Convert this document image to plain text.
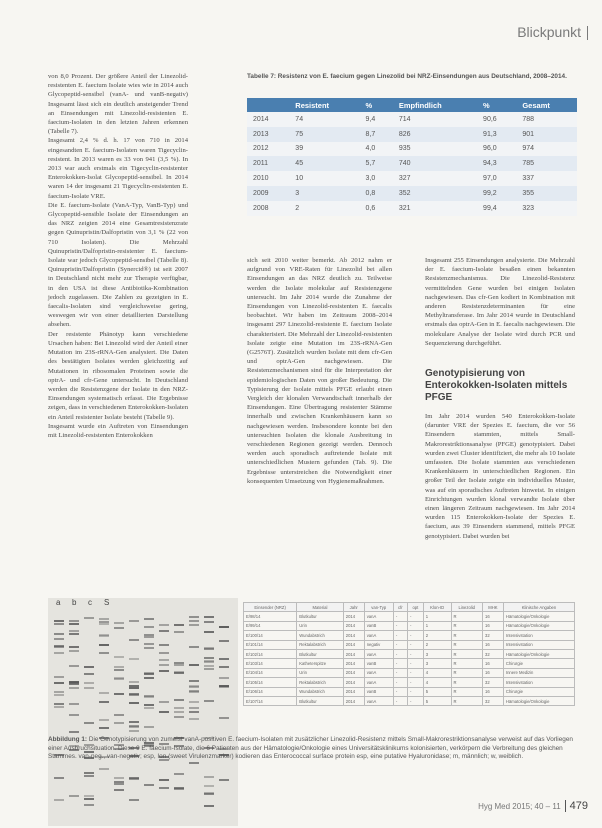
Blickpunkt

von 8,0 Prozent. Der größere Anteil der Linezolid-resistenten E. faecium Isolate wies wie in 2014 auch Glycopeptid-sensibel (vanA- und vanB-negativ) Insgesamt lässt sich ein deutlich ansteigender Trend an Einsendungen mit Linezolid-resistenten E. faecium-Isolaten in den letzten Jahren erkennen (Tabelle 7).

Insgesamt 2,4 % d. h. 17 von 710 in 2014 eingesandten E. faecium-Isolaten waren Tigecyclin-resistent. In 2013 waren es 33 von 941 (3,5 %). In 2013 war auch erstmals ein Tigecyclin-resistenter Enterokokken-Isolat Glycopeptid-sensibel. In 2014 waren 14 der insgesamt 21 Tigecyclin-resistenten E. faecium-Isolate VRE.

Die E. faecium-Isolate (VanA-Typ, VanB-Typ) und Glycopeptid-sensible Isolate der Einsendungen an das NRZ zeigten 2014 eine Gesamtresistenzrate gegen Quinupristin/Dalfopristin von 3,1 % (22 von 710 Isolaten). Die Mehrzahl Quinupristin/Dalfopristin-resistenter E. faecium-Isolate war jedoch Glycopeptid-sensibel (Tabelle 8). Quinupristin/Dalfopristin (Synercid®) ist seit 2007 in Deutschland nicht mehr zur Therapie verfügbar, in den USA ist diese Antibiotika-Kombination jedoch zugelassen. Die Zahlen zu gezeigten in E. faecalis-Isolaten sind vergleichsweise gering, weswegen wir von einer detaillierten Darstellung absehen.

Der resistente Phänotyp kann verschiedene Ursachen haben: Bei Linezolid wird der Anteil einer Mutation im 23S-rRNA-Gen analysiert. Die Daten des bestätigten Isolates werden gleichzeitig auf Mutationen in ribosomalen Proteinen sowie die optrA- und cfr-Gene untersucht. In Deutschland werden die Resistenzgene der Isolate in den NRZ-Einsendungen systematisch erfasst. Die Ergebnisse zeigen, dass in verschiedenen Enterokokken-Isolaten ein Anteil resistenter Isolate besteht (Tabelle 9).

Insgesamt wurde ein Auftreten von Einsendungen mit Linezolid-resistenten Enterokokken

Tabelle 7: Resistenz von E. faecium gegen Linezolid bei NRZ-Einsendungen aus Deutschland, 2008–2014.
	Resistent	%	Empfindlich	%	Gesamt
2014	74	9,4	714	90,6	788
2013	75	8,7	826	91,3	901
2012	39	4,0	935	96,0	974
2011	45	5,7	740	94,3	785
2010	10	3,0	327	97,0	337
2009	3	0,8	352	99,2	355
2008	2	0,6	321	99,4	323

sich seit 2010 weiter bemerkt. Ab 2012 nahm er aufgrund von VRE-Raten für Linezolid bei allen Einsendungen an das NRZ deutlich zu. Teilweise werden die Isolate molekular auf Resistenzgene untersucht. Im Jahr 2014 wurde die Zunahme der Einsendungen von Linezolid-resistenten E. faecalis beobachtet. Wir haben im Zeitraum 2008–2014 insgesamt 297 Linezolid-resistente E. faecium Isolate charakterisiert. Die Mehrzahl der Linezolid-resistenten Isolate zeigte eine Mutation im 23S-rRNA-Gen (G2576T). Zusätzlich wurden Isolate mit dem cfr-Gen und optrA-Gen nachgewiesen. Die Resistenzmechanismen sind für die Interpretation der epidemiologischen Daten von großer Bedeutung. Die Typisierung der Isolate mittels PFGE erlaubt einen Vergleich der klonalen Verwandtschaft innerhalb der Einsendungen. Eine Übertragung resistenter Stämme innerhalb und zwischen Krankenhäusern kann so nachgewiesen werden. Insbesondere konnte bei den untersuchten Isolaten die klonale Ausbreitung in verschiedenen Regionen gezeigt werden. Dennoch werden auch sporadisch auftretende Isolate mit unterschiedlichen Mustern gefunden (Tab. 9). Die Ergebnisse unterstreichen die Notwendigkeit einer konsequenten Umsetzung von Hygienemaßnahmen.

Insgesamt 255 Einsendungen analysierte. Die Mehrzahl der E. faecium-Isolate besaßen einen bekannten Resistenzmechanismus. Die Linezolid-Resistenz vermittelnden Gene wurden bei einigen Isolaten nachgewiesen. Das cfr-Gen kodiert in Kombination mit anderen Resistenzdeterminanten für eine Methyltransferase. Im Jahr 2014 wurde in Deutschland erstmals das optrA-Gen in E. faecalis nachgewiesen. Die molekulare Analyse der Isolate wird durch PCR und Sequenzierung durchgeführt.

Genotypisierung von Enterokokken-Isolaten mittels PFGE

Im Jahr 2014 wurden 540 Enterokokken-Isolate (darunter VRE der Spezies E. faecium, die vor 56 Einsendern stammten, mittels Small-Makrorestriktionsanalyse (PFGE) genotypisiert. Dabei wurden zwei Cluster identifiziert, die mehr als 10 Isolate umfassten. Die Isolate stammten aus verschiedenen Krankenhäusern in unterschiedlichen Regionen. Ein großer Teil der Isolate zeigte ein individuelles Muster, was auf ein sporadisches Auftreten hinweist. In einigen Einrichtungen wurden klonal verwandte Isolate über einen längeren Zeitraum nachgewiesen. Im Jahr 2014 wurden 115 Enterokokken-Isolate der Spezies E. faecium, aus 39 Einsendern stammend, mittels PFGE genotypisiert. Dabei wurden bei

a b c S
Einsender (NRZ)	Material	Jahr	van-Typ	cfr	opt	Klon-ID	Linezolid	MHK	Klinische Angaben
E/98/14	Blutkultur	2014	vanA	-	-	1	R	16	Hämatologie/Onkologie
E/99/14	Urin	2014	vanB	-	-	1	R	16	Hämatologie/Onkologie
E/100/14	Wundabstrich	2014	vanA	-	-	2	R	32	Intensivstation
E/101/14	Rektalabstrich	2014	negativ	-	-	2	R	16	Intensivstation
E/102/14	Blutkultur	2014	vanA	-	-	3	R	32	Hämatologie/Onkologie
E/103/14	Katheterspitze	2014	vanB	-	-	3	R	16	Chirurgie
E/104/14	Urin	2014	vanA	-	-	4	R	16	Innere Medizin
E/105/14	Rektalabstrich	2014	vanA	-	-	4	R	32	Intensivstation
E/106/14	Wundabstrich	2014	vanB	-	-	5	R	16	Chirurgie
E/107/14	Blutkultur	2014	vanA	-	-	5	R	32	Hämatologie/Onkologie
Abbildung 1: Die Genotypisierung von zumeist vanA-positiven E. faecium-Isolaten mit zusätzlicher Linezolid-Resistenz mittels Small-Makrorestriktionsanalyse verweist auf das Vorliegen einer Ausbruchsituation. Diese 9 E. faecium-Isolate, die 6 Patienten aus der Hämatologie/Onkologie eines Universitätsklinikums kolonisierten, verkörpern die Verbreitung des gleichen Stammes. van-neg., van-negativ; esp, Ion (sweet Virulenzmarker) kodieren das Enterococcal surface protein esp, eine putative Hyaluronidase; m, männlich; w, weiblich.
Hyg Med 2015; 40 – 11 479
